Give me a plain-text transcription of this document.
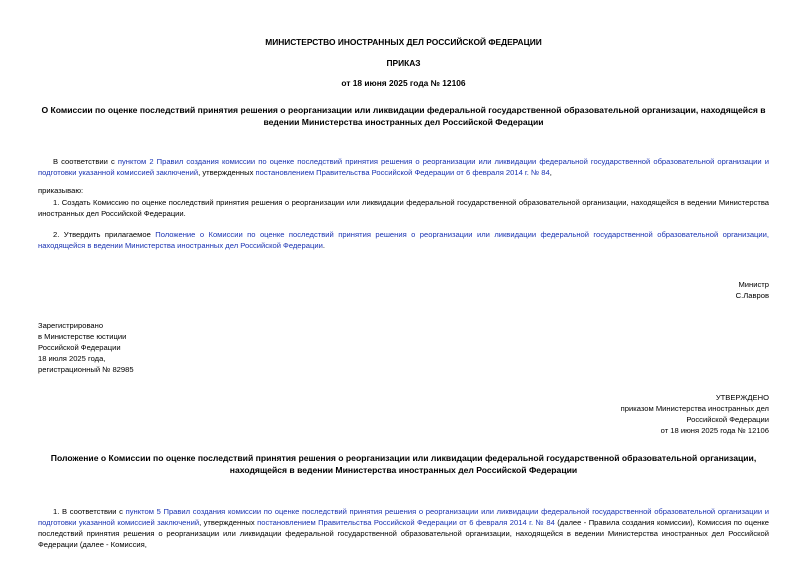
МИНИСТЕРСТВО ИНОСТРАННЫХ ДЕЛ РОССИЙСКОЙ ФЕДЕРАЦИИ
ПРИКАЗ
от 18 июня 2025 года № 12106
О Комиссии по оценке последствий принятия решения о реорганизации или ликвидации федеральной государственной образовательной организации, находящейся в ведении Министерства иностранных дел Российской Федерации

В соответствии с пунктом 2 Правил создания комиссии по оценке последствий принятия решения о реорганизации или ликвидации федеральной государственной образовательной организации и подготовки указанной комиссией заключений, утвержденных постановлением Правительства Российской Федерации от 6 февраля 2014 г. № 84,

приказываю:

1. Создать Комиссию по оценке последствий принятия решения о реорганизации или ликвидации федеральной государственной образовательной организации, находящейся в ведении Министерства иностранных дел Российской Федерации.

2. Утвердить прилагаемое Положение о Комиссии по оценке последствий принятия решения о реорганизации или ликвидации федеральной государственной образовательной организации, находящейся в ведении Министерства иностранных дел Российской Федерации.

Министр
С.Лавров
Зарегистрировано
в Министерстве юстиции
Российской Федерации
18 июля 2025 года,
регистрационный № 82985
УТВЕРЖДЕНО
приказом Министерства иностранных дел
Российской Федерации
от 18 июня 2025 года № 12106
Положение о Комиссии по оценке последствий принятия решения о реорганизации или ликвидации федеральной государственной образовательной организации, находящейся в ведении Министерства иностранных дел Российской Федерации

1. В соответствии с пунктом 5 Правил создания комиссии по оценке последствий принятия решения о реорганизации или ликвидации федеральной государственной образовательной организации и подготовки указанной комиссией заключений, утвержденных постановлением Правительства Российской Федерации от 6 февраля 2014 г. № 84 (далее - Правила создания комиссии), Комиссия по оценке последствий принятия решения о реорганизации или ликвидации федеральной государственной образовательной организации, находящейся в ведении Министерства иностранных дел Российской Федерации (далее - Комиссия,
